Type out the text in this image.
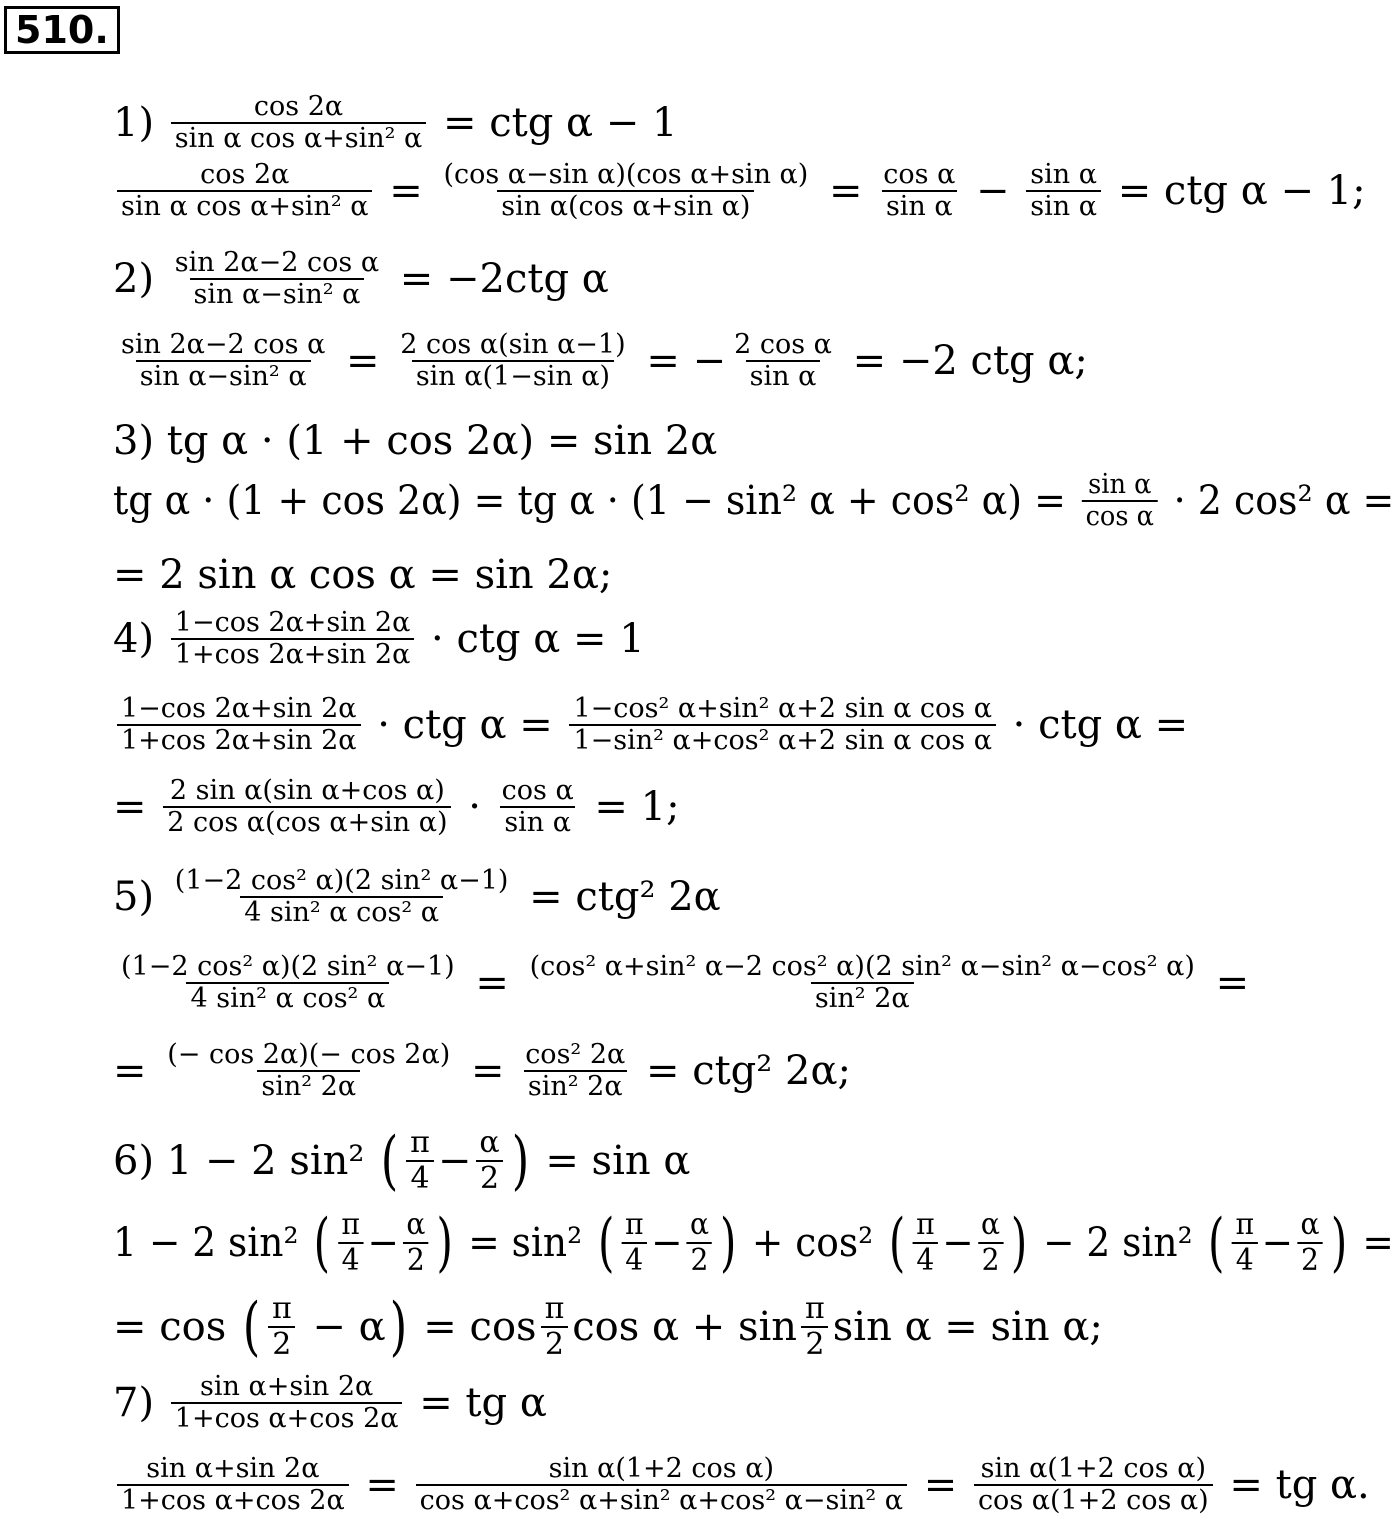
510.
$1) \frac{\cos 2\alpha}{\text{sin α cos α+sin² α}}$ = ctg α − 1
$\frac{\cos 2\alpha}{\text{sin α cos α+sin² α}} = \frac{\text{(cos α−sin α)(cos α+sin α)}}{\text{sin α(cos α+sin α)}} = \frac{\text{cos α}}{\text{sin α}} - \frac{\text{sin α}}{\text{sin α}}$ = ctg α − 1;
$2) \frac{\text{sin 2α−2 cos α}}{\text{sin α−sin² α}} = -2ctg$ α
$\frac{\text{sin 2α−2 cos α}}{\text{sin α−sin² α}} = \frac{\text{2 cos α(sin α−1)}}{\text{sin α(1−sin α)}}$ = − $\frac{\text{2 cos α}}{\text{sin α}} = -2$ ctg α;
3) tg α · (1 + cos 2α) = sin 2α
tg α · (1 + cos 2α) = tg α · (1 − sin² α + cos² $\alpha) = \frac{\text{sin α}}{\text{cos α}} \cdot 2$ cos² α =
= 2 sin α cos α = sin 2α;
$4) \frac{1-\cos 2\alpha+\sin 2\alpha}{1+\cos 2\alpha+\sin 2\alpha}$ · ctg α = 1
$\frac{1-\cos 2\alpha+\sin 2\alpha}{1+\cos 2\alpha+\sin 2\alpha}$ · ctg $\alpha = \frac{\text{1−cos² α+sin² α+2 sin α cos α}}{\text{1−sin² α+cos² α+2 sin α cos α}}$ · ctg α =
= $\frac{\text{2 sin α(sin α+cos α)}}{\text{2 cos α(cos α+sin α)}} \cdot \frac{\text{cos α}}{\text{sin α}} = 1$;
$5) \frac{\text{(1−2 cos² α)(2 sin² α−1)}}{\text{4 sin² α cos² α}} = ctg^2$ 2α
$\frac{\text{(1−2 cos² α)(2 sin² α−1)}}{\text{4 sin² α cos² α}} = \frac{\text{(cos² α+sin² α−2 cos² α)(2 sin² α−sin² α−cos² α)}}{\text{sin² 2α}}$ =
= $\frac{(- \cos 2\alpha)(- \cos 2\alpha)}{\text{sin² 2α}} = \frac{\text{cos² 2α}}{\text{sin² 2α}} = ctg^2$ 2α;
6) 1 − 2 sin² ( $\frac{\pi}{4} - \frac{\alpha}{2}$ ) = sin α
1 − 2 sin² ( $\frac{\pi}{4} - \frac{\alpha}{2}$ ) = sin² ( $\frac{\pi}{4} - \frac{\alpha}{2}$ ) + cos² ( $\frac{\pi}{4} - \frac{\alpha}{2}$ ) − 2 sin² ( $\frac{\pi}{4} - \frac{\alpha}{2}$ ) =
= cos ( $\frac{\pi}{2} - \alpha$ ) = $\cos \frac{\pi}{2}$ $\cos \alpha + \sin \frac{\pi}{2}$ sin α = sin α;
$7) \frac{\text{sin α+sin 2α}}{\text{1+cos α+cos 2α}}$ = tg α
$\frac{\text{sin α+sin 2α}}{\text{1+cos α+cos 2α}} = \frac{\text{sin α(1+2 cos α)}}{\text{cos α+cos² α+sin² α+cos² α−sin² α}} = \frac{\text{sin α(1+2 cos α)}}{\text{cos α(1+2 cos α)}}$ = tg α.
